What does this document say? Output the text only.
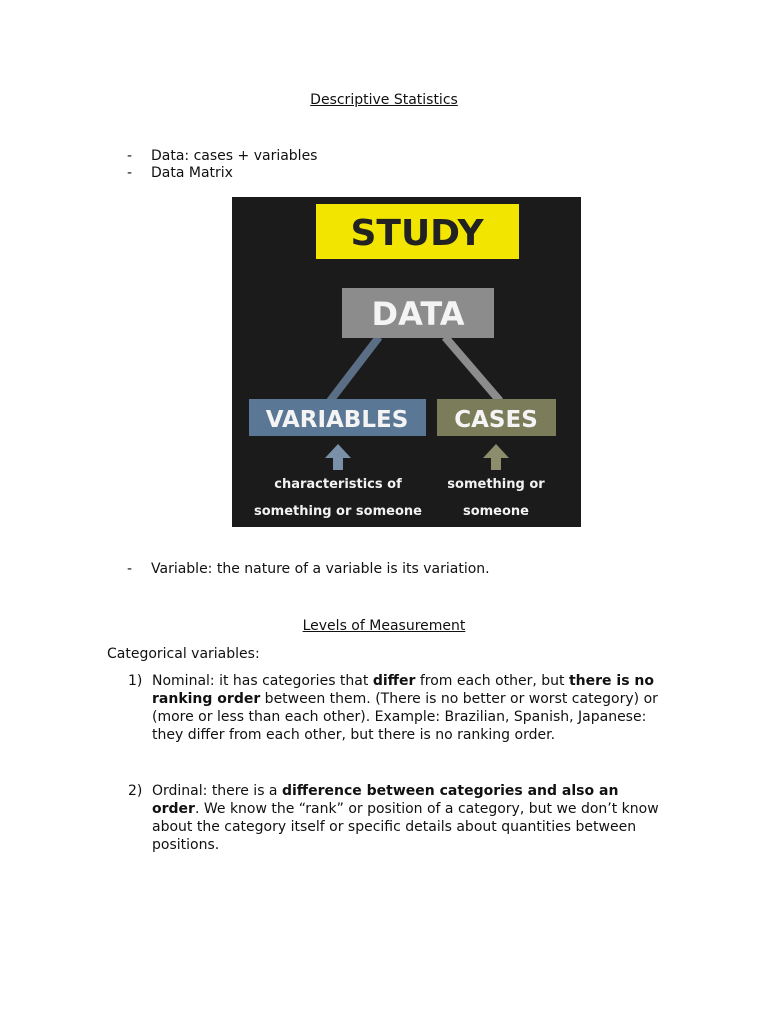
Descriptive Statistics
- Data: cases + variables
- Data Matrix
STUDY
DATA
VARIABLES CASES
characteristics of
something or someone
something or
someone
- Variable: the nature of a variable is its variation.
Levels of Measurement
Categorical variables:
1) Nominal: it has categories that differ from each other, but there is no ranking order between them. (There is no better or worst category) or (more or less than each other). Example: Brazilian, Spanish, Japanese: they differ from each other, but there is no ranking order.
2) Ordinal: there is a difference between categories and also an order. We know the “rank” or position of a category, but we don’t know about the category itself or specific details about quantities between positions.
